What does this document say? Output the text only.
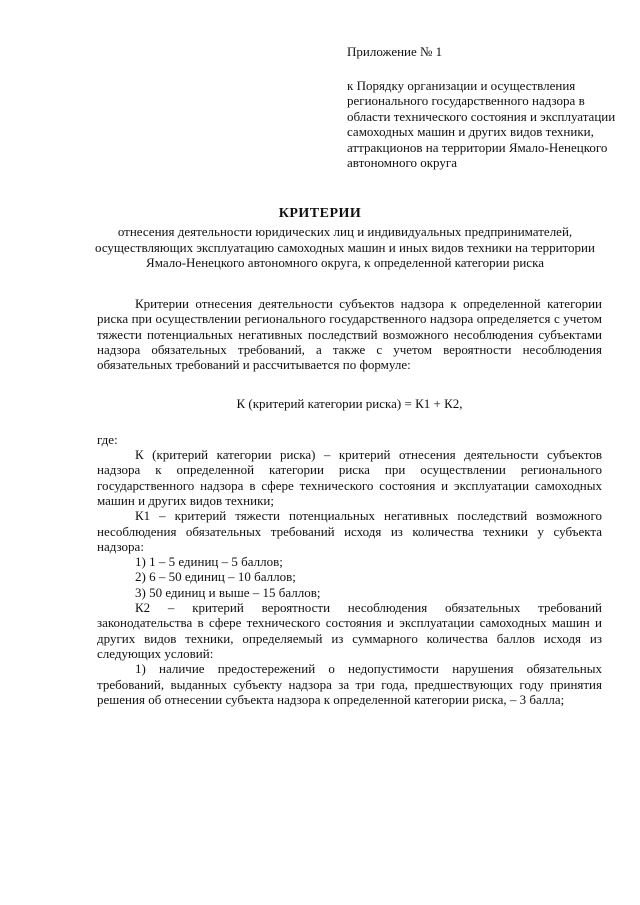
Приложение № 1

к Порядку организации и осуществления регионального государственного надзора в области технического состояния и эксплуатации самоходных машин и других видов техники, аттракционов на территории Ямало-Ненецкого автономного округа

КРИТЕРИИ
отнесения деятельности юридических лиц и индивидуальных предпринимателей, осуществляющих эксплуатацию самоходных машин и иных видов техники на территории Ямало-Ненецкого автономного округа, к определенной категории риска

Критерии отнесения деятельности субъектов надзора к определенной категории риска при осуществлении регионального государственного надзора определяется с учетом тяжести потенциальных негативных последствий возможного несоблюдения субъектами надзора обязательных требований, а также с учетом вероятности несоблюдения обязательных требований и рассчитывается по формуле:

К (критерий категории риска) = К1 + К2,

где:

К (критерий категории риска) – критерий отнесения деятельности субъектов надзора к определенной категории риска при осуществлении регионального государственного надзора в сфере технического состояния и эксплуатации самоходных машин и других видов техники;

К1 – критерий тяжести потенциальных негативных последствий возможного несоблюдения обязательных требований исходя из количества техники у субъекта надзора:

1) 1 – 5 единиц – 5 баллов;

2) 6 – 50 единиц – 10 баллов;

3) 50 единиц и выше – 15 баллов;

К2 – критерий вероятности несоблюдения обязательных требований законодательства в сфере технического состояния и эксплуатации самоходных машин и других видов техники, определяемый из суммарного количества баллов исходя из следующих условий:

1) наличие предостережений о недопустимости нарушения обязательных требований, выданных субъекту надзора за три года, предшествующих году принятия решения об отнесении субъекта надзора к определенной категории риска, – 3 балла;
